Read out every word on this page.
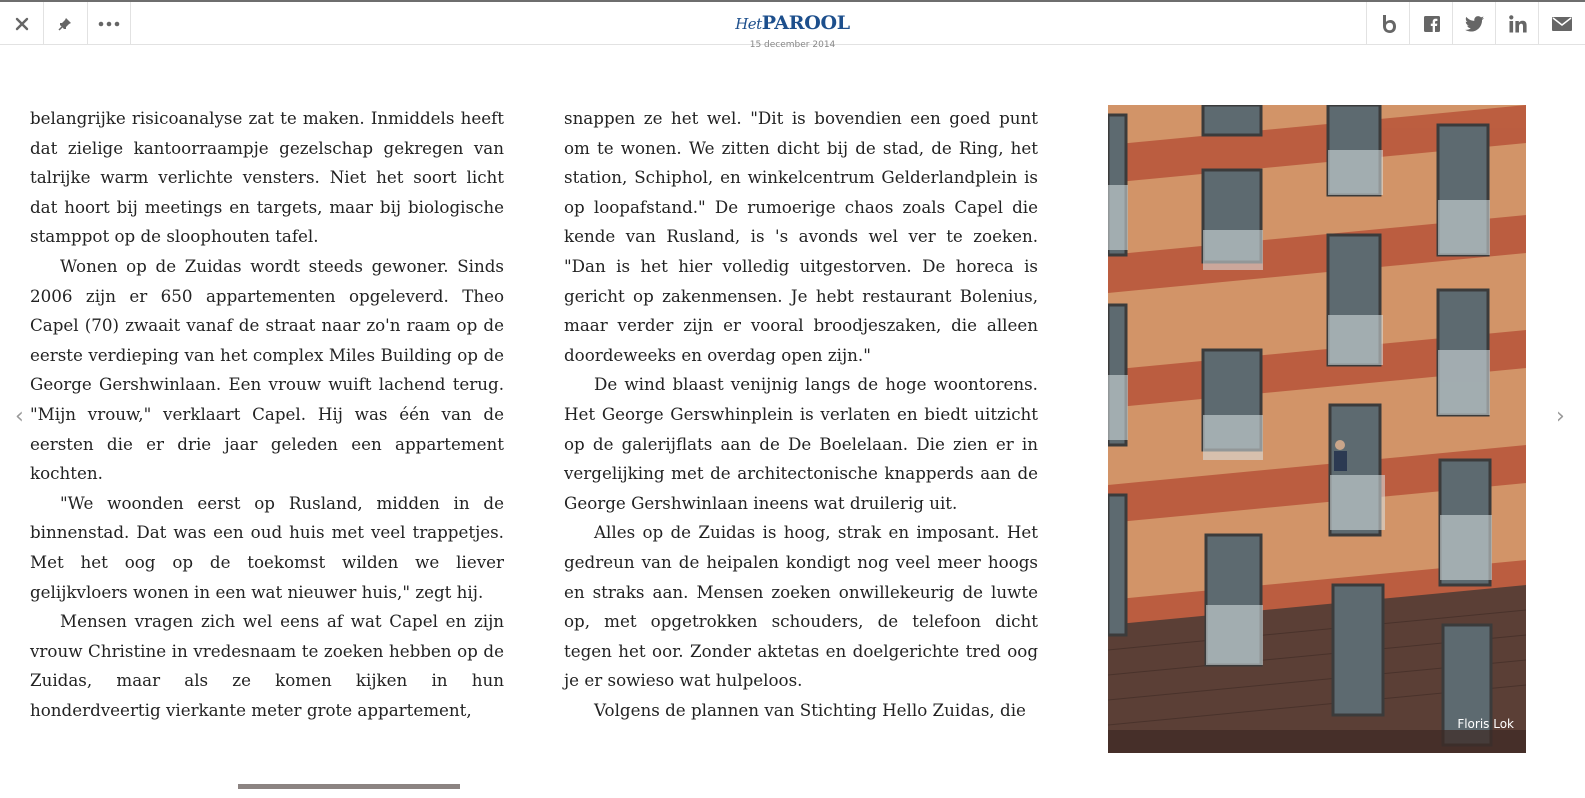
HetPAROOL
15 december 2014

belangrijke risicoanalyse zat te maken. Inmiddels heeft dat zielige kantoorraampje gezelschap gekregen van talrijke warm verlichte vensters. Niet het soort licht dat hoort bij meetings en targets, maar bij biologische stamppot op de sloophouten tafel.

Wonen op de Zuidas wordt steeds gewoner. Sinds 2006 zijn er 650 appartementen opgeleverd. Theo Capel (70) zwaait vanaf de straat naar zo'n raam op de eerste verdieping van het complex Miles Building op de George Gershwinlaan. Een vrouw wuift lachend terug. "Mijn vrouw," verklaart Capel. Hij was één van de eersten die er drie jaar geleden een appartement kochten.

"We woonden eerst op Rusland, midden in de binnenstad. Dat was een oud huis met veel trappetjes. Met het oog op de toekomst wilden we liever gelijkvloers wonen in een wat nieuwer huis," zegt hij.

Mensen vragen zich wel eens af wat Capel en zijn vrouw Christine in vredesnaam te zoeken hebben op de Zuidas, maar als ze komen kijken in hun honderdveertig vierkante meter grote appartement,

snappen ze het wel. "Dit is bovendien een goed punt om te wonen. We zitten dicht bij de stad, de Ring, het station, Schiphol, en winkelcentrum Gelderlandplein is op loopafstand." De rumoerige chaos zoals Capel die kende van Rusland, is 's avonds wel ver te zoeken. "Dan is het hier volledig uitgestorven. De horeca is gericht op zakenmensen. Je hebt restaurant Bolenius, maar verder zijn er vooral broodjeszaken, die alleen doordeweeks en overdag open zijn."

De wind blaast venijnig langs de hoge woontorens. Het George Gerswhinplein is verlaten en biedt uitzicht op de galerijflats aan de De Boelelaan. Die zien er in vergelijking met de architectonische knapperds aan de George Gershwinlaan ineens wat druilerig uit.

Alles op de Zuidas is hoog, strak en imposant. Het gedreun van de heipalen kondigt nog veel meer hoogs en straks aan. Mensen zoeken onwillekeurig de luwte op, met opgetrokken schouders, de telefoon dicht tegen het oor. Zonder aktetas en doelgerichte tred oog je er sowieso wat hulpeloos.

Volgens de plannen van Stichting Hello Zuidas, die

Floris Lok
‹	›
